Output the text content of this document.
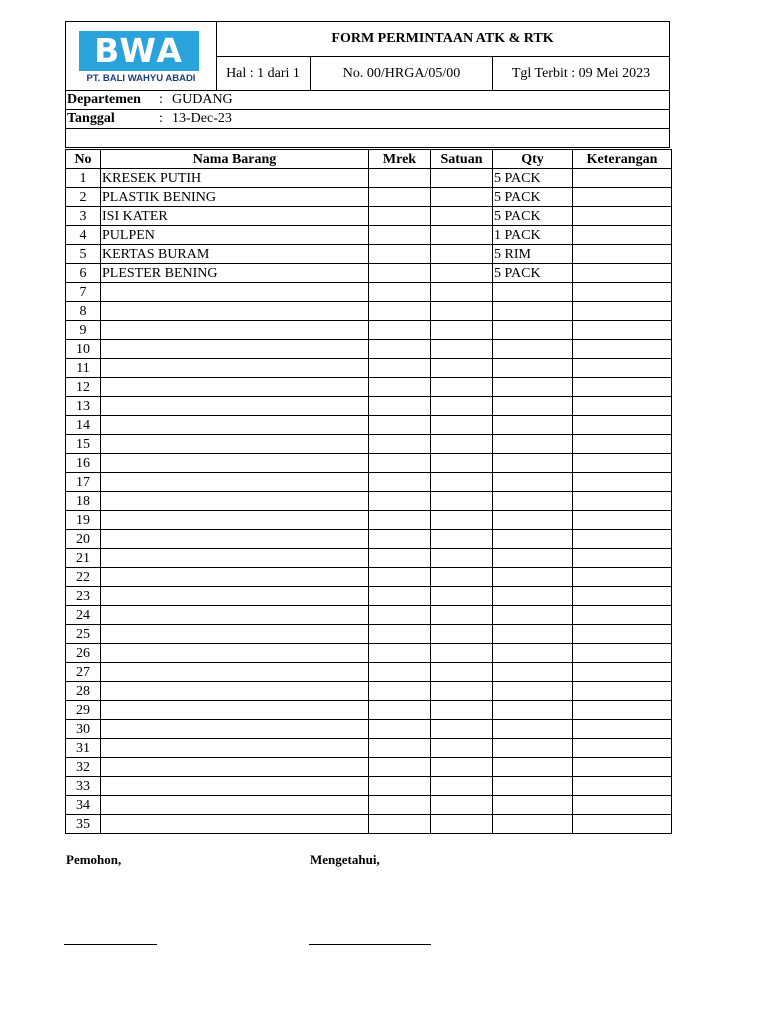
BWA
PT. BALI WAHYU ABADI
FORM PERMINTAAN ATK & RTK
Hal : 1 dari 1	No. 00/HRGA/05/00	Tgl Terbit : 09 Mei 2023
Departemen : GUDANG
Tanggal	: 13-Dec-23
No	Nama Barang	Mrek	Satuan	Qty	Keterangan
1	KRESEK PUTIH			5 PACK	
2	PLASTIK BENING			5 PACK	
3	ISI KATER			5 PACK	
4	PULPEN			1 PACK	
5	KERTAS BURAM			5 RIM	
6	PLESTER BENING			5 PACK	
7					
8					
9					
10					
11					
12					
13					
14					
15					
16					
17					
18					
19					
20					
21					
22					
23					
24					
25					
26					
27					
28					
29					
30					
31					
32					
33					
34					
35					
Pemohon,	Mengetahui,
